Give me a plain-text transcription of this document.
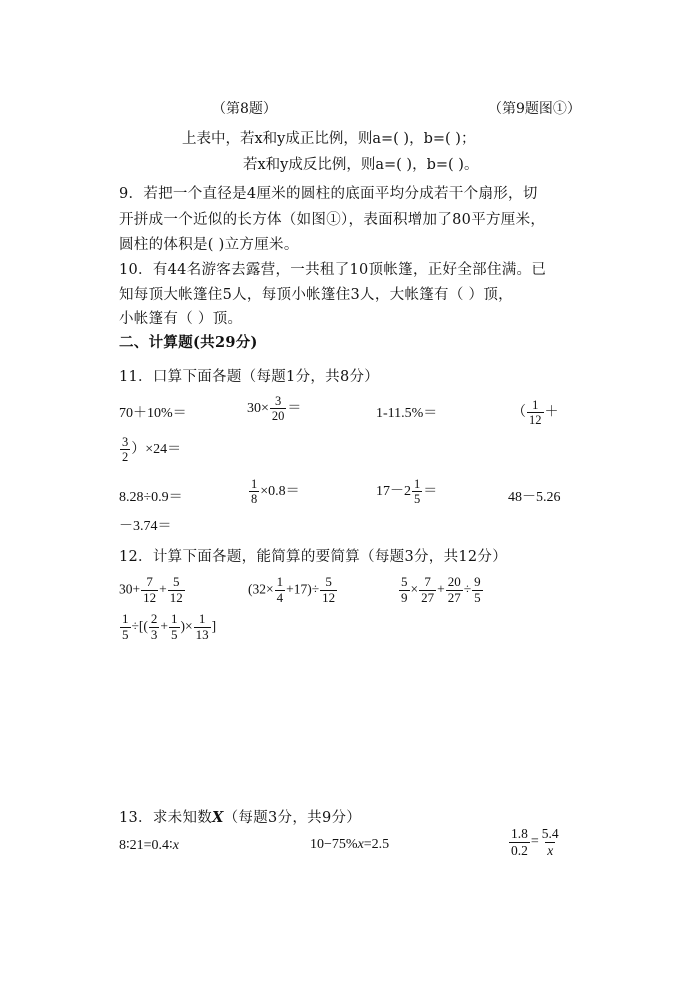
（第8题）	（第9题图①）
上表中，若x和y成正比例，则a=( )，b=( )；
若x和y成反比例，则a=( )，b=( )。
9．若把一个直径是4厘米的圆柱的底面平均分成若干个扇形，切
开拼成一个近似的长方体（如图①），表面积增加了80平方厘米，
圆柱的体积是( )立方厘米。
10．有44名游客去露营，一共租了10顶帐篷，正好全部住满。已
知每顶大帐篷住5人，每顶小帐篷住3人，大帐篷有（ ）顶，
小帐篷有（ ）顶。
二、计算题(共29分)
11．口算下面各题（每题1分，共8分）
70＋10%＝	$30\times \frac{3}{20}$ ＝	1-11.5%＝	（ $\frac{1}{12}$ ＋
$\frac{3}{2} )\times 24=$
8.28÷0.9＝	$\frac{1}{8} \times 0.8=$	$17-2 \frac{1}{5}$ ＝	48－5.26
－3.74＝
12．计算下面各题，能简算的要简算（每题3分，共12分）
$30+ \frac{7}{12} + \frac{5}{12}$	$(32\times \frac{1}{4} +17)\div \frac{5}{12}$	$\frac{5}{9} \times \frac{7}{27} + \frac{20}{27} \div \frac{9}{5}$
$\frac{1}{5}$ ÷[( $\frac{2}{3} + \frac{1}{5}$ )× $\frac{1}{13}$ ]
13．求未知数X（每题3分，共9分）
8∶21=0.4∶x	10−75%x=2.5	$\frac{1.8}{0.2} = \frac{5.4}{x}$
